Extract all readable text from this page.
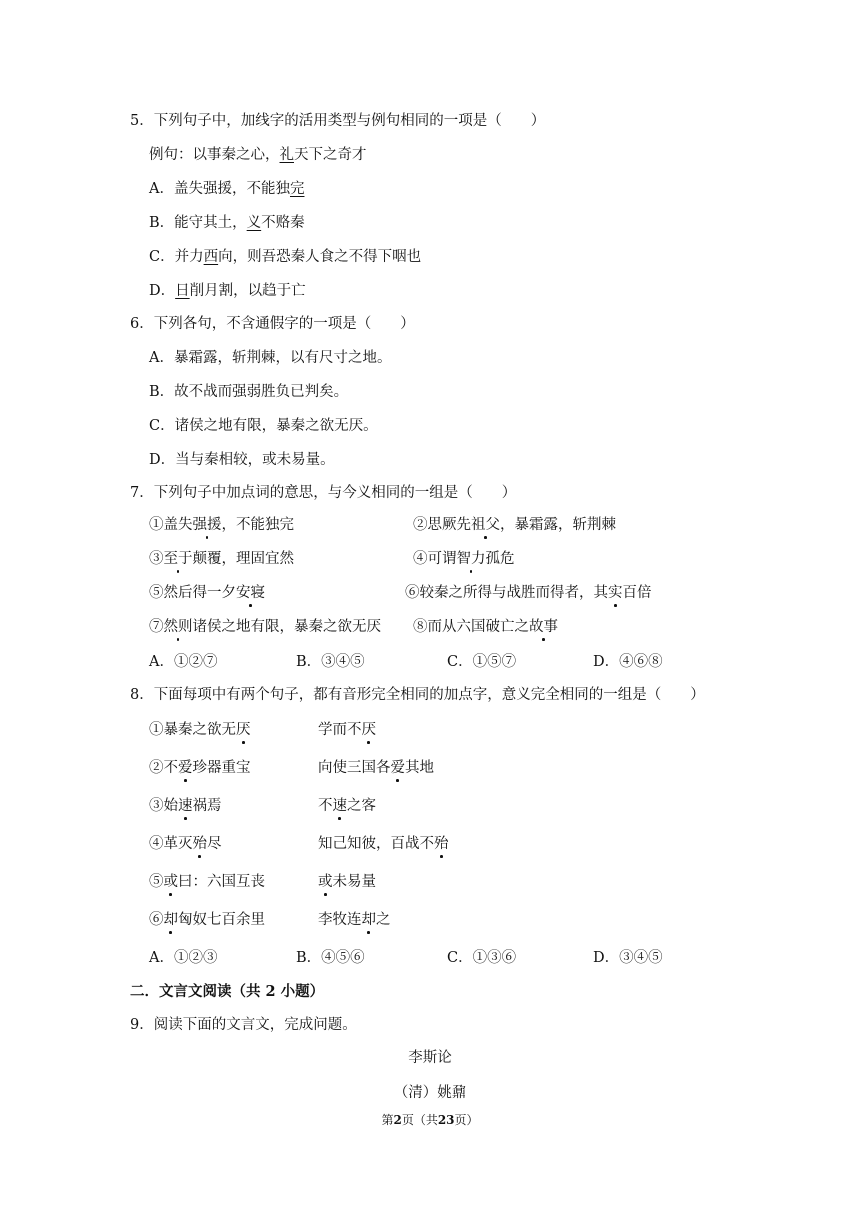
5．下列句子中，加线字的活用类型与例句相同的一项是（　　）
例句：以事秦之心，礼天下之奇才
A．盖失强援，不能独完
B．能守其土，义不赂秦
C．并力西向，则吾恐秦人食之不得下咽也
D．日削月割，以趋于亡
6．下列各句，不含通假字的一项是（　　）
A．暴霜露，斩荆棘，以有尺寸之地。
B．故不战而强弱胜负已判矣。
C．诸侯之地有限，暴秦之欲无厌。
D．当与秦相较，或未易量。
7．下列句子中加点词的意思，与今义相同的一组是（　　）
①盖失强援，不能独完	②思厥先祖父，暴霜露，斩荆棘
③至于颠覆，理固宜然	④可谓智力孤危
⑤然后得一夕安寝	⑥较秦之所得与战胜而得者，其实百倍
⑦然则诸侯之地有限，暴秦之欲无厌 ⑧而从六国破亡之故事
A．①②⑦	B．③④⑤	C．①⑤⑦	D．④⑥⑧
8．下面每项中有两个句子，都有音形完全相同的加点字，意义完全相同的一组是（　　）
①暴秦之欲无厌	学而不厌
②不爱珍器重宝	向使三国各爱其地
③始速祸焉	不速之客
④革灭殆尽	知己知彼，百战不殆
⑤或曰：六国互丧	或未易量
⑥却匈奴七百余里	李牧连却之
A．①②③	B．④⑤⑥	C．①③⑥	D．③④⑤
二．文言文阅读（共 2 小题）
9．阅读下面的文言文，完成问题。
李斯论
（清）姚鼐
第2页（共23页）
